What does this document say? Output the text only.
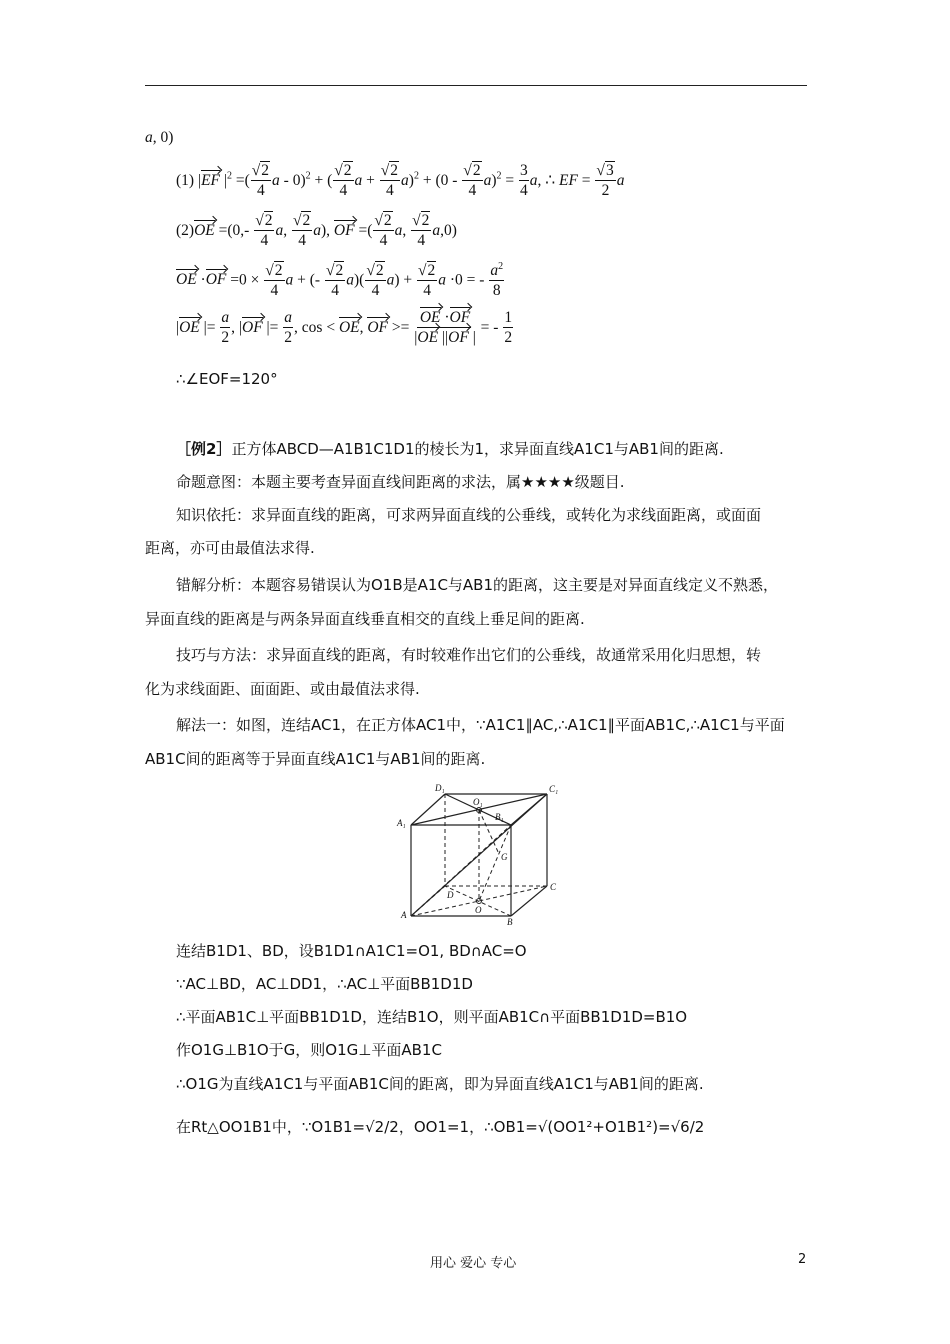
a, 0)
(1) |EF $|^2$ =( $\frac{√2}{4}$ a - 0)$^2$ + ( $\frac{√2}{4}$ $a + \frac{√2}{4} a)^2 + (0 - \frac{√2}{4} a)^2 = \frac{3}{4} a$, ∴ EF = $\frac{√3}{2}$ a
$(2)OE =(0,- \frac{√2}{4} a$, $\frac{√2}{4} a$), OF =( $\frac{√2}{4} a$, $\frac{√2}{4} a,0$)
OE $\cdot OF =0 \times \frac{√2}{4}$ a + (- $\frac{√2}{4} a)( \frac{√2}{4} a) + \frac{√2}{4}$ a ·0 = - $\frac{a^2}{8}$
|OE |= $\frac{a}{2}$ , |OF |= $\frac{a}{2}$ , cos < OE, OF >= $\frac{OE \cdot OF}{|OE ||OF |}$ = - $\frac{1}{2}$
∴∠EOF=120°
［例2］正方体ABCD—A1B1C1D1的棱长为1，求异面直线A1C1与AB1间的距离.
命题意图：本题主要考查异面直线间距离的求法，属★★★★级题目.
知识依托：求异面直线的距离，可求两异面直线的公垂线，或转化为求线面距离，或面面
距离，亦可由最值法求得.
错解分析：本题容易错误认为O1B是A1C与AB1的距离，这主要是对异面直线定义不熟悉，
异面直线的距离是与两条异面直线垂直相交的直线上垂足间的距离.
技巧与方法：求异面直线的距离，有时较难作出它们的公垂线，故通常采用化归思想，转
化为求线面距、面面距、或由最值法求得.
解法一：如图，连结AC1，在正方体AC1中，∵A1C1∥AC,∴A1C1∥平面AB1C,∴A1C1与平面
AB1C间的距离等于异面直线A1C1与AB1间的距离.
D₁
O₁
C₁
B₁
A₁
G
C
D
A	O
B
连结B1D1、BD，设B1D1∩A1C1=O1, BD∩AC=O
∵AC⊥BD，AC⊥DD1，∴AC⊥平面BB1D1D
∴平面AB1C⊥平面BB1D1D，连结B1O，则平面AB1C∩平面BB1D1D=B1O
作O1G⊥B1O于G，则O1G⊥平面AB1C
∴O1G为直线A1C1与平面AB1C间的距离，即为异面直线A1C1与AB1间的距离.
在Rt△OO1B1中，∵O1B1=√2/2，OO1=1，∴OB1=√(OO1²+O1B1²)=√6/2
用心 爱心 专心	2
